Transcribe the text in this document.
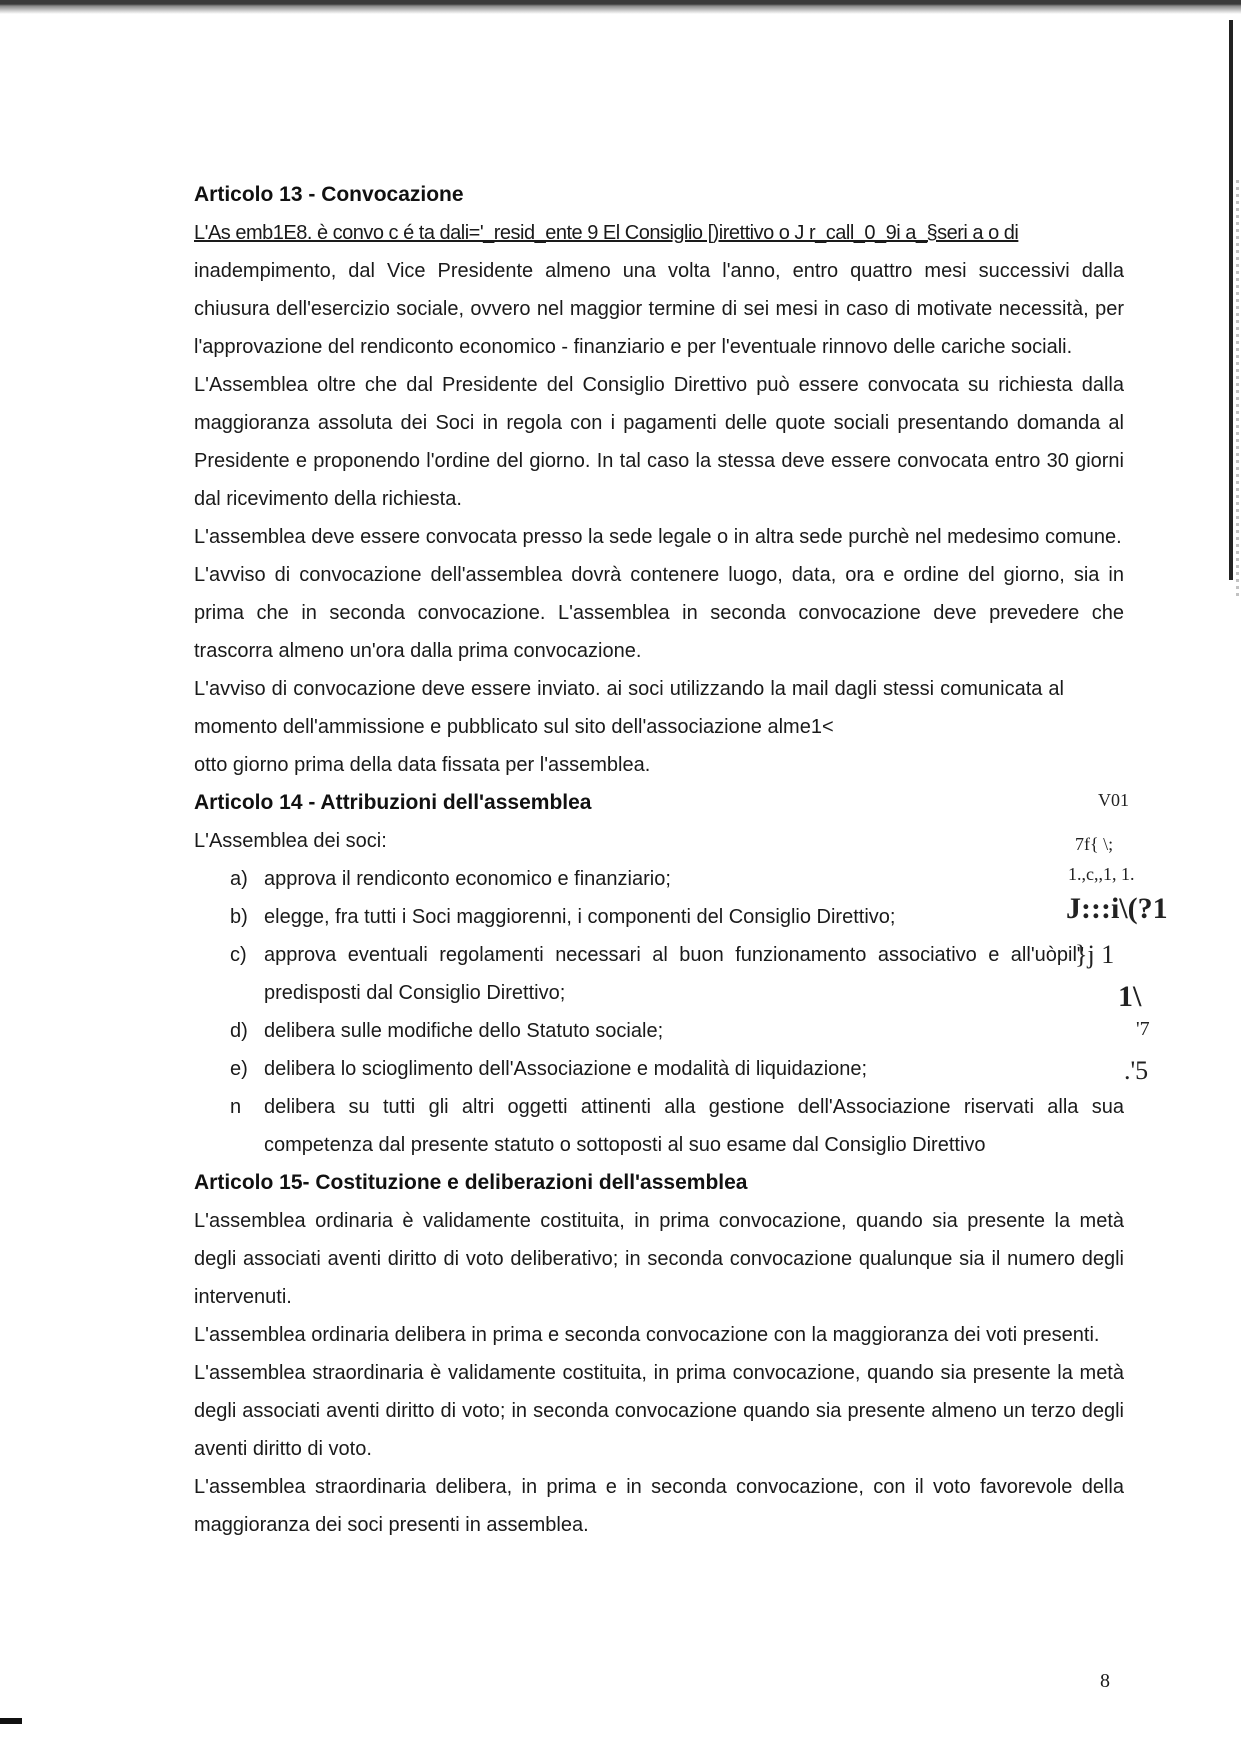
Articolo 13 - Convocazione

L'As emb1E8. è convo c é ta dali='_resid_ente 9 El Consiglio [)irettivo o J r_call_0_9i a_§seri a o di

inadempimento, dal Vice Presidente almeno una volta l'anno, entro quattro mesi successivi dalla chiusura dell'esercizio sociale, ovvero nel maggior termine di sei mesi in caso di motivate necessità, per l'approvazione del rendiconto economico - finanziario e per l'eventuale rinnovo delle cariche sociali.

L'Assemblea oltre che dal Presidente del Consiglio Direttivo può essere convocata su richiesta dalla maggioranza assoluta dei Soci in regola con i pagamenti delle quote sociali presentando domanda al Presidente e proponendo l'ordine del giorno. In tal caso la stessa deve essere convocata entro 30 giorni dal ricevimento della richiesta.

L'assemblea deve essere convocata presso la sede legale o in altra sede purchè nel medesimo comune.

L'avviso di convocazione dell'assemblea dovrà contenere luogo, data, ora e ordine del giorno, sia in prima che in seconda convocazione. L'assemblea in seconda convocazione deve prevedere che trascorra almeno un'ora dalla prima convocazione.

L'avviso di convocazione deve essere inviato. ai soci utilizzando la mail dagli stessi comunicata al momento dell'ammissione e pubblicato sul sito dell'associazione alme1<

otto giorno prima della data fissata per l'assemblea.

Articolo 14 - Attribuzioni dell'assemblea

L'Assemblea dei soci:

a) approva il rendiconto economico e finanziario;
b) elegge, fra tutti i Soci maggiorenni, i componenti del Consiglio Direttivo;
c) approva eventuali regolamenti necessari al buon funzionamento associativo e all'uòpil" predisposti dal Consiglio Direttivo;
d) delibera sulle modifiche dello Statuto sociale;
e) delibera lo scioglimento dell'Associazione e modalità di liquidazione;
n	delibera su tutti gli altri oggetti attinenti alla gestione dell'Associazione riservati alla sua competenza dal presente statuto o sottoposti al suo esame dal Consiglio Direttivo
Articolo 15- Costituzione e deliberazioni dell'assemblea

L'assemblea ordinaria è validamente costituita, in prima convocazione, quando sia presente la metà degli associati aventi diritto di voto deliberativo; in seconda convocazione qualunque sia il numero degli intervenuti.

L'assemblea ordinaria delibera in prima e seconda convocazione con la maggioranza dei voti presenti.

L'assemblea straordinaria è validamente costituita, in prima convocazione, quando sia presente la metà degli associati aventi diritto di voto; in seconda convocazione quando sia presente almeno un terzo degli aventi diritto di voto.

L'assemblea straordinaria delibera, in prima e in seconda convocazione, con il voto favorevole della maggioranza dei soci presenti in assemblea.

V01
7f{ \;
1.,c,,1, 1.
J:::i\(?1
}j 1
1\
'7
.'5
8
